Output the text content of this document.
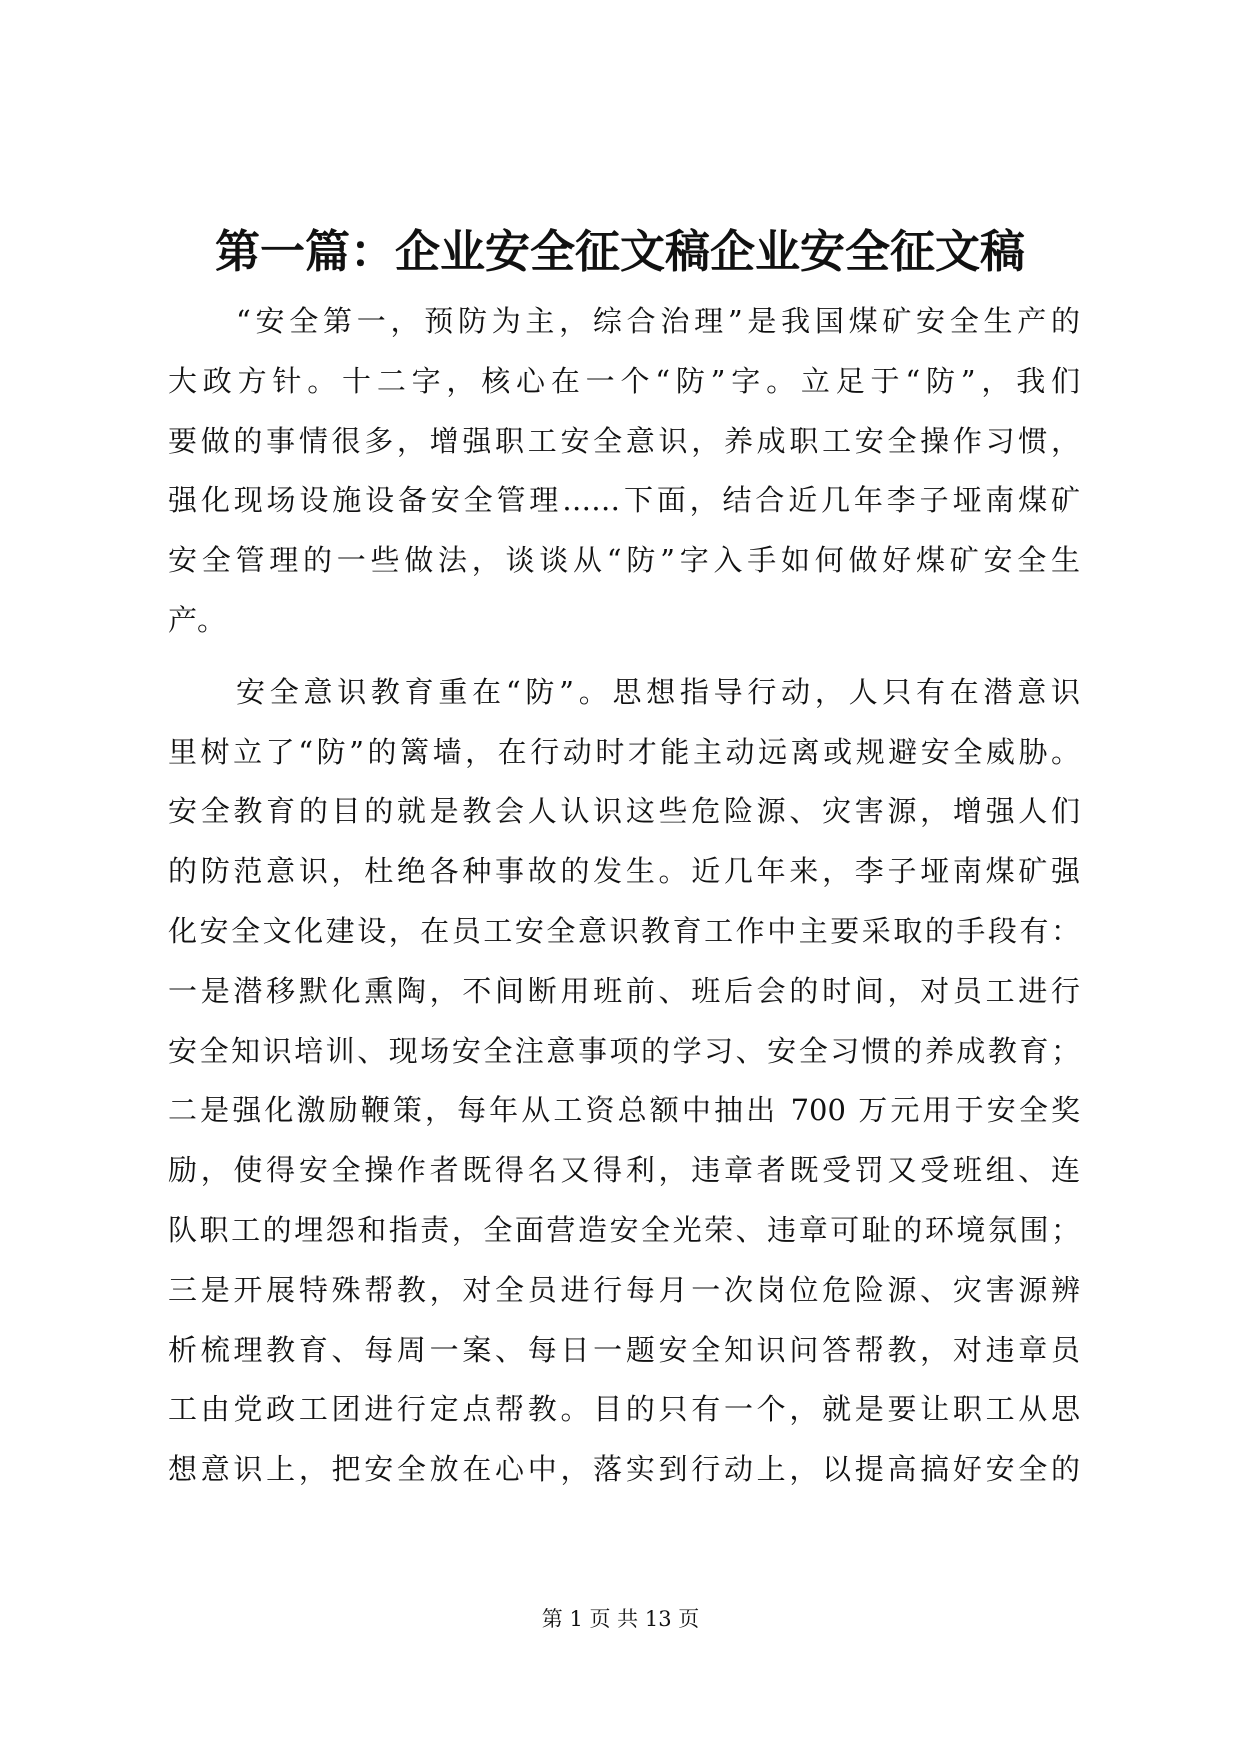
第一篇：企业安全征文稿企业安全征文稿
“安全第一，预防为主，综合治理”是我国煤矿安全生产的
大政方针。十二字，核心在一个“防”字。立足于“防”，我们
要做的事情很多，增强职工安全意识，养成职工安全操作习惯，
强化现场设施设备安全管理……下面，结合近几年李子垭南煤矿
安全管理的一些做法，谈谈从“防”字入手如何做好煤矿安全生
产。
安全意识教育重在“防”。思想指导行动，人只有在潜意识
里树立了“防”的篱墙，在行动时才能主动远离或规避安全威胁。
安全教育的目的就是教会人认识这些危险源、灾害源，增强人们
的防范意识，杜绝各种事故的发生。近几年来，李子垭南煤矿强
化安全文化建设，在员工安全意识教育工作中主要采取的手段有：
一是潜移默化熏陶，不间断用班前、班后会的时间，对员工进行
安全知识培训、现场安全注意事项的学习、安全习惯的养成教育；
二是强化激励鞭策，每年从工资总额中抽出 700 万元用于安全奖
励，使得安全操作者既得名又得利，违章者既受罚又受班组、连
队职工的埋怨和指责，全面营造安全光荣、违章可耻的环境氛围；
三是开展特殊帮教，对全员进行每月一次岗位危险源、灾害源辨
析梳理教育、每周一案、每日一题安全知识问答帮教，对违章员
工由党政工团进行定点帮教。目的只有一个，就是要让职工从思
想意识上，把安全放在心中，落实到行动上，以提高搞好安全的
第 1 页 共 13 页
